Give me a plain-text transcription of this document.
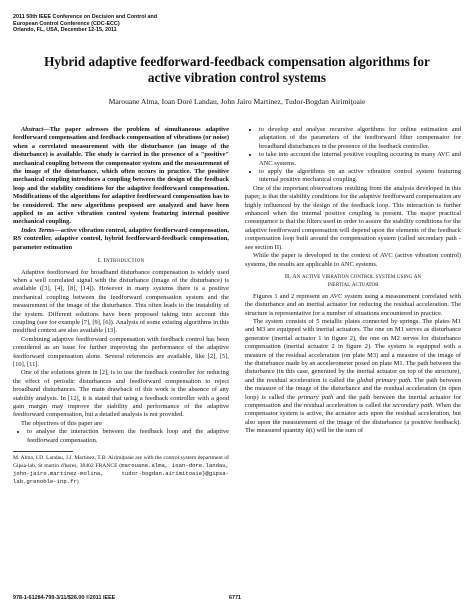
2011 50th IEEE Conference on Decision and Control and
European Control Conference (CDC-ECC)
Orlando, FL, USA, December 12-15, 2011
Hybrid adaptive feedforward-feedback compensation algorithms for
active vibration control systems
Marouane Alma, Ioan Doré Landau, John Jairo Martinez, Tudor-Bogdan Airimiţoaie

Abstract—The paper adresses the problem of simultaneous adaptive feedforward compensation and feedback compensation of vibrations (or noise) when a correlated measurement with the disturbance (an image of the disturbance) is available. The study is carried in the presence of a "positive" mechanical coupling between the compensator system and the measurement of the image of the disturbance, which often occurs in practice. The positive mechanical coupling introduces a coupling between the design of the feedback loop and the stability conditions for the adaptive feedforward compensation. Modifications of the algorithms for adaptive feedforward compensation has to be considered. The new algorithms proposed are analyzed and have been applied to an active vibration control system featuring internal positive mechanical coupling.

Index Terms—active vibration control, adaptive feedforward compensation, RS controller, adaptive control, hybrid feedforward-feedback compensation, parameter estimation

I. Introduction

Adaptive feedforward for broadband disturbance compensation is widely used when a well correlated signal with the disturbance (image of the disturbance) is available ([3], [4], [8], [14]). However in many systems there is a positive mechanical coupling between the feedforward compensation system and the measurement of the image of the disturbance. This often leads to the instability of the system. Different solutions have been proposed taking into account this coupling (see for example [7], [9], [6]). Analysis of some existing algorithms in this modified context are also available [13].

Combining adaptive feedforward compensation with feedback control has been considered as an issue for further improving the performance of the adaptive feedforward compensation alone. Several references are available, like [2], [5], [10], [11].

One of the solutions given in [2], is to use the feedback controller for reducing the effect of periodic disturbances and feedforward compensation to reject broadband disturbances. The main drawback of this work is the absence of any stability analysis. In [12], it is stated that using a feedback controller with a good gain margin may improve the stability and performance of the adaptive feedforward compensation, but a detailed analysis is not provided.

The objectives of this paper are

• to analyse the interaction between the feedback loop and the adaptive feedforward compensation.
M. Alma, I.D. Landau, J.J. Martinez, T.B. Airimiţoaie are with the control system department of Gipsa-lab, St martin d'heres, 38402 FRANCE (marouane.alma, ioan-dore.landau, john-jairo.martinez-molina, tudor-bogdan.airimitoaie}@gipsa-lab.grenoble-inp.fr)
• to develop and analyse recursive algorithms for online estimation and adaptation of the parameters of the feedforward filter compensator for broadband disturbances in the presence of the feedback controller.
• to take into account the internal positive coupling occuring in many AVC and ANC systems.
• to apply the algorithms on an active vibration control system featuring internal positive mechanical coupling.

One of the important observations resulting from the analysis developed in this paper, is that the stability conditions for the adaptive feedforward compensation are highly influenced by the design of the feedback loop. This interaction is further enhanced when the internal positive coupling is present. The major practical consequence is that the filters used in order to assure the stability conditions for the adaptive feedforward compensation will depend upon the elements of the feedback compensation loop built around the compensation system (called secondary path - see section II).

While the paper is developed in the context of AVC (active vibration control) systems, the results are applicable to ANC systems.

II. An active vibration control system using an
inertial actuator

Figures 1 and 2 represent an AVC system using a measurement correlated with the disturbance and an inertial actuator for reducing the residual acceleration. The structure is representative for a number of situations encountered in practice.

The system consists of 5 metallic plates connected by springs. The plates M1 and M3 are equipped with inertial actuators. The one on M1 serves as disturbance generator (inertial actuator 1 in figure 2), the one on M2 serves for disturbance compensation (inertial actuator 2 in figure 2). The system is equipped with a measure of the residual acceleration (on plate M3) and a measure of the image of the disturbance made by an accelerometer posed on plate M1. The path between the disturbance (in this case, generated by the inertial actuator on top of the structure), and the residual acceleration is called the global primary path. The path between the measure of the image of the disturbance and the residual acceleration (in open loop) is called the primary path and the path between the inertial actuator for compensation and the residual acceleration is called the secondary path. When the compensator system is active, the actuator acts upon the residual acceleration, but also upon the measurement of the image of the disturbance (a positive feedback). The measured quantity û(t) will be the sum of

978-1-61284-799-3/11/$26.00 ©2011 IEEE	6771
